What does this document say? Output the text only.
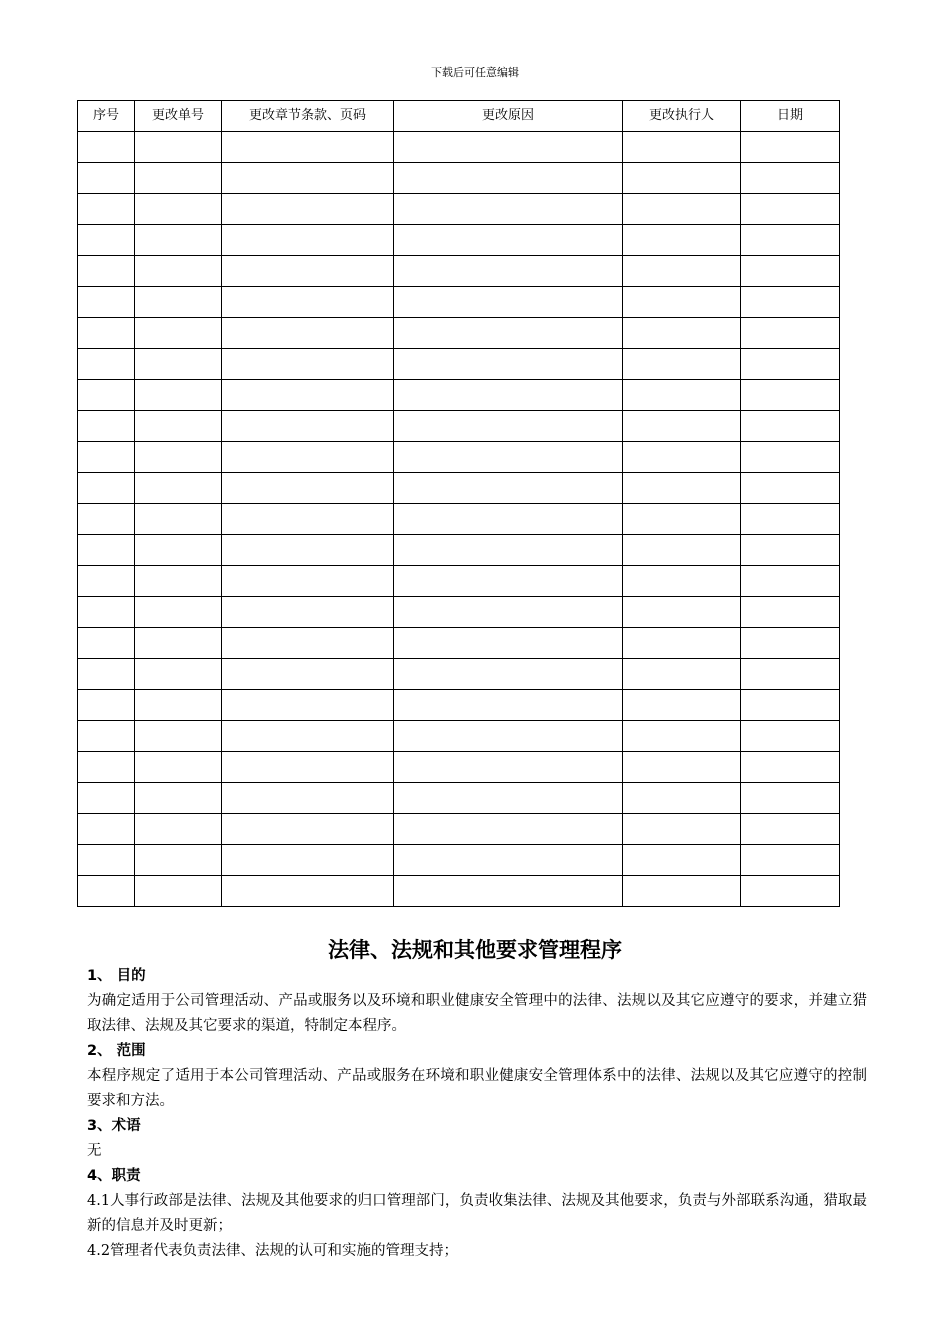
下载后可任意编辑
序号	更改单号	更改章节条款、页码	更改原因	更改执行人	日期

法律、法规和其他要求管理程序
1、 目的

为确定适用于公司管理活动、产品或服务以及环境和职业健康安全管理中的法律、法规以及其它应遵守的要求，并建立猎取法律、法规及其它要求的渠道，特制定本程序。

2、 范围

本程序规定了适用于本公司管理活动、产品或服务在环境和职业健康安全管理体系中的法律、法规以及其它应遵守的控制要求和方法。

3、术语

无

4、职责

4.1人事行政部是法律、法规及其他要求的归口管理部门，负责收集法律、法规及其他要求，负责与外部联系沟通，猎取最新的信息并及时更新；

4.2管理者代表负责法律、法规的认可和实施的管理支持；
